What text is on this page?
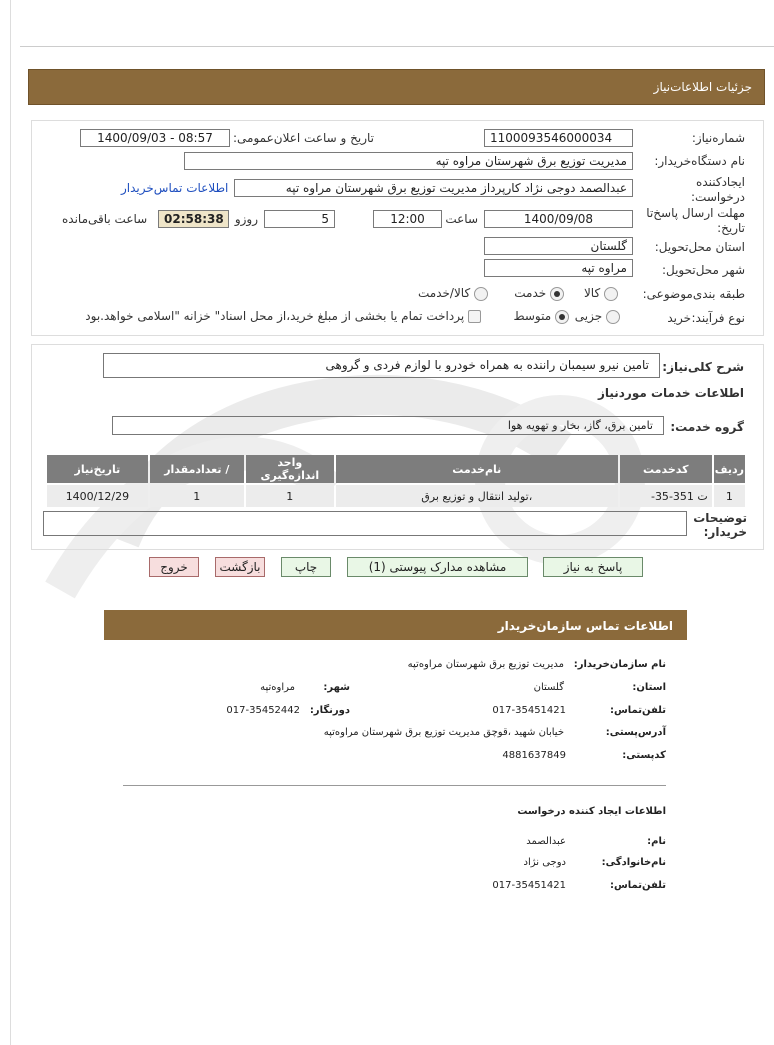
جزئیات اطلاعات‌نیاز
شماره‌نیاز:
1100093546000034
تاریخ و ساعت اعلان‌عمومی:
1400/09/03 - 08:57
نام دستگاه‌خریدار:
مدیریت توزیع برق شهرستان مراوه تپه
ایجادکننده درخواست:
عبدالصمد دوجی نژاد کارپرداز مدیریت توزیع برق شهرستان مراوه تپه
اطلاعات تماس‌خریدار
مهلت ارسال پاسخ‌تا تاریخ:
1400/09/08
ساعت
12:00
5
روزو
02:58:38
ساعت باقی‌مانده
استان محل‌تحویل:
گلستان
شهر محل‌تحویل:
مراوه تپه
طبقه بندی‌موضوعی:
کالا
خدمت
کالا/خدمت
نوع فرآیند:
خرید
جزیی
متوسط
پرداخت تمام یا بخشی از مبلغ خرید،از محل اسناد" خزانه "اسلامی خواهد.بود
شرح کلی‌نیاز:
تامین نیرو سیمبان راننده به همراه خودرو با لوازم فردی و گروهی
اطلاعات خدمات موردنیاز
گروه خدمت:
تامین برق، گاز، بخار و تهویه هوا
ردیف	کدخدمت	نام‌خدمت	واحد اندازه‌گیری	/ تعدادمقدار	تاریخ‌نیاز
1	ت 351-35-	،تولید انتقال و توزیع برق	1	1	1400/12/29
توضیحات خریدار:
پاسخ به نیاز
مشاهده مدارک پیوستی (1)
چاپ
بازگشت
خروج
اطلاعات تماس سازمان‌خریدار
نام سازمان‌خریدار:
مدیریت توزیع برق شهرستان مراوه‌تپه
استان:
گلستان
شهر:
مراوه‌تپه
تلفن‌تماس:
017-35451421
دورنگار:
017-35452442
آدرس‌پستی:
خیابان شهید ،قوچق مدیریت توزیع برق شهرستان مراوه‌تپه
کدپستی:
4881637849
اطلاعات ایجاد کننده درخواست
نام:
عبدالصمد
نام‌خانوادگی:
دوجی نژاد
تلفن‌تماس:
017-35451421
